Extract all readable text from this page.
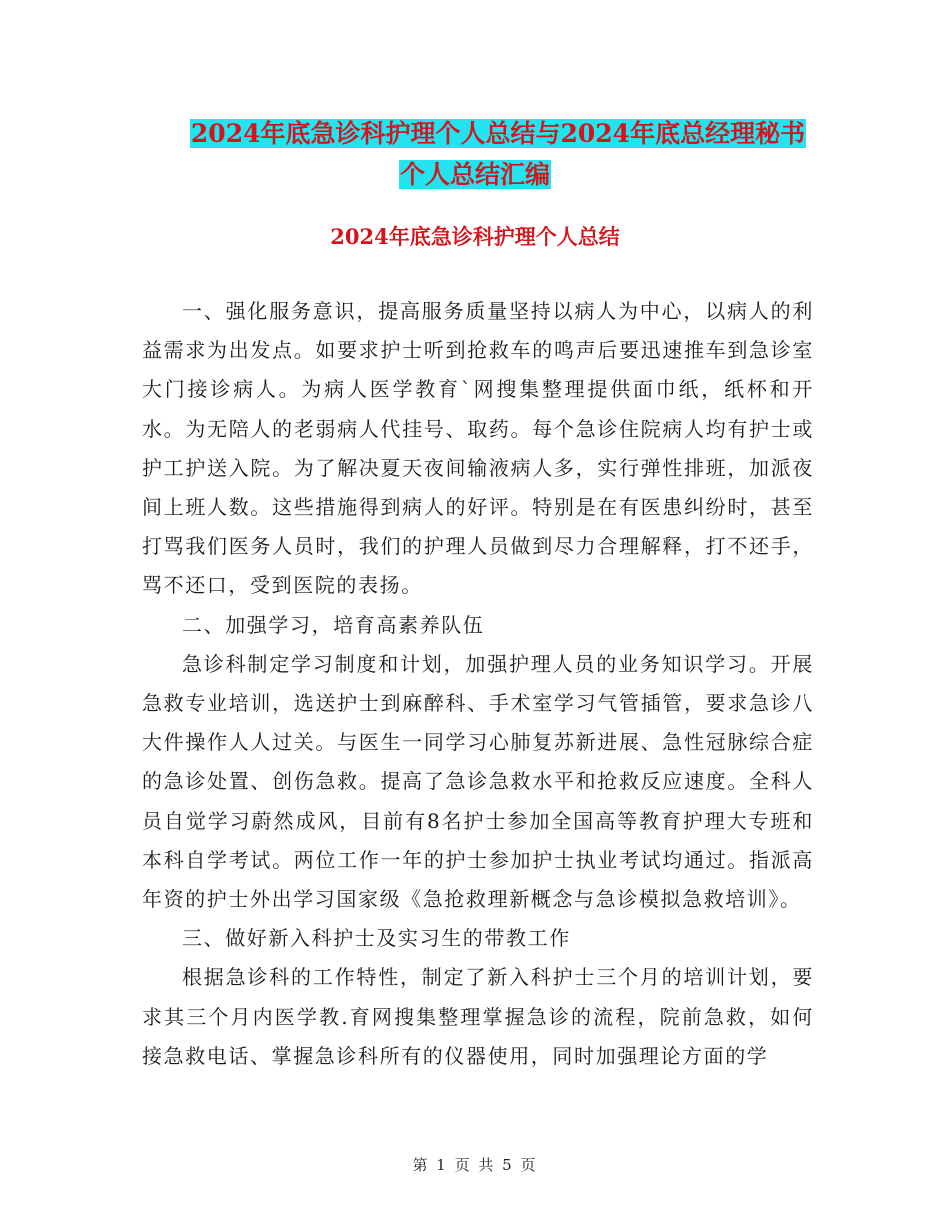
2024年底急诊科护理个人总结与2024年底总经理秘书
个人总结汇编
2024年底急诊科护理个人总结

一、强化服务意识，提高服务质量坚持以病人为中心，以病人的利益需求为出发点。如要求护士听到抢救车的鸣声后要迅速推车到急诊室大门接诊病人。为病人医学教育`网搜集整理提供面巾纸，纸杯和开水。为无陪人的老弱病人代挂号、取药。每个急诊住院病人均有护士或护工护送入院。为了解决夏天夜间输液病人多，实行弹性排班，加派夜间上班人数。这些措施得到病人的好评。特别是在有医患纠纷时，甚至打骂我们医务人员时，我们的护理人员做到尽力合理解释，打不还手，骂不还口，受到医院的表扬。

二、加强学习，培育高素养队伍

急诊科制定学习制度和计划，加强护理人员的业务知识学习。开展急救专业培训，选送护士到麻醉科、手术室学习气管插管，要求急诊八大件操作人人过关。与医生一同学习心肺复苏新进展、急性冠脉综合症的急诊处置、创伤急救。提高了急诊急救水平和抢救反应速度。全科人员自觉学习蔚然成风，目前有8名护士参加全国高等教育护理大专班和本科自学考试。两位工作一年的护士参加护士执业考试均通过。指派高年资的护士外出学习国家级《急抢救理新概念与急诊模拟急救培训》。

三、做好新入科护士及实习生的带教工作

根据急诊科的工作特性，制定了新入科护士三个月的培训计划，要求其三个月内医学教.育网搜集整理掌握急诊的流程，院前急救，如何接急救电话、掌握急诊科所有的仪器使用，同时加强理论方面的学

第 1 页 共 5 页
